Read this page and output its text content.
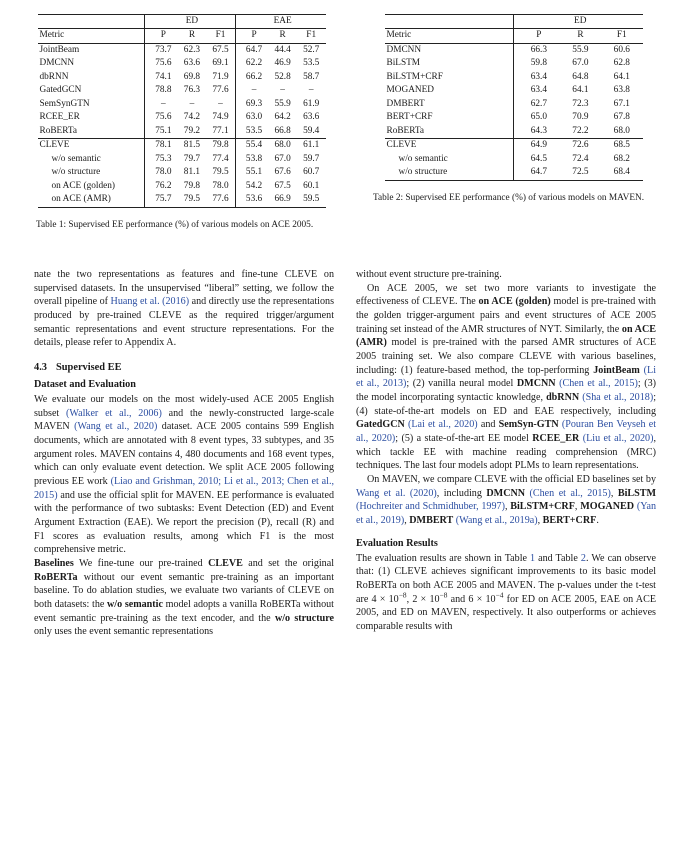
	ED			EAE		
Metric	P	R	F1	P	R	F1
JointBeam	73.7	62.3	67.5	64.7	44.4	52.7
DMCNN	75.6	63.6	69.1	62.2	46.9	53.5
dbRNN	74.1	69.8	71.9	66.2	52.8	58.7
GatedGCN	78.8	76.3	77.6	–	–	–
SemSynGTN	–	–	–	69.3	55.9	61.9
RCEE_ER	75.6	74.2	74.9	63.0	64.2	63.6
RoBERTa	75.1	79.2	77.1	53.5	66.8	59.4
CLEVE	78.1	81.5	79.8	55.4	68.0	61.1
w/o semantic	75.3	79.7	77.4	53.8	67.0	59.7
w/o structure	78.0	81.1	79.5	55.1	67.6	60.7
on ACE (golden)	76.2	79.8	78.0	54.2	67.5	60.1
on ACE (AMR)	75.7	79.5	77.6	53.6	66.9	59.5
Table 1: Supervised EE performance (%) of various models on ACE 2005.
	ED		
Metric	P	R	F1
DMCNN	66.3	55.9	60.6
BiLSTM	59.8	67.0	62.8
BiLSTM+CRF	63.4	64.8	64.1
MOGANED	63.4	64.1	63.8
DMBERT	62.7	72.3	67.1
BERT+CRF	65.0	70.9	67.8
RoBERTa	64.3	72.2	68.0
CLEVE	64.9	72.6	68.5
w/o semantic	64.5	72.4	68.2
w/o structure	64.7	72.5	68.4
Table 2: Supervised EE performance (%) of various models on MAVEN.

nate the two representations as features and fine-tune CLEVE on supervised datasets. In the unsupervised “liberal” setting, we follow the overall pipeline of Huang et al. (2016) and directly use the representations produced by pre-trained CLEVE as the required trigger/argument semantic representations and event structure representations. For the details, please refer to Appendix A.

4.3 Supervised EE
Dataset and Evaluation

We evaluate our models on the most widely-used ACE 2005 English subset (Walker et al., 2006) and the newly-constructed large-scale MAVEN (Wang et al., 2020) dataset. ACE 2005 contains 599 English documents, which are annotated with 8 event types, 33 subtypes, and 35 argument roles. MAVEN contains 4, 480 documents and 168 event types, which can only evaluate event detection. We split ACE 2005 following previous EE work (Liao and Grishman, 2010; Li et al., 2013; Chen et al., 2015) and use the official split for MAVEN. EE performance is evaluated with the performance of two subtasks: Event Detection (ED) and Event Argument Extraction (EAE). We report the precision (P), recall (R) and F1 scores as evaluation results, among which F1 is the most comprehensive metric.

Baselines We fine-tune our pre-trained CLEVE and set the original RoBERTa without our event semantic pre-training as an important baseline. To do ablation studies, we evaluate two variants of CLEVE on both datasets: the w/o semantic model adopts a vanilla RoBERTa without event semantic pre-training as the text encoder, and the w/o structure only uses the event semantic representations

without event structure pre-training.

On ACE 2005, we set two more variants to investigate the effectiveness of CLEVE. The on ACE (golden) model is pre-trained with the golden trigger-argument pairs and event structures of ACE 2005 training set instead of the AMR structures of NYT. Similarly, the on ACE (AMR) model is pre-trained with the parsed AMR structures of ACE 2005 training set. We also compare CLEVE with various baselines, including: (1) feature-based method, the top-performing JointBeam (Li et al., 2013); (2) vanilla neural model DMCNN (Chen et al., 2015); (3) the model incorporating syntactic knowledge, dbRNN (Sha et al., 2018); (4) state-of-the-art models on ED and EAE respectively, including GatedGCN (Lai et al., 2020) and SemSyn-GTN (Pouran Ben Veyseh et al., 2020); (5) a state-of-the-art EE model RCEE_ER (Liu et al., 2020), which tackle EE with machine reading comprehension (MRC) techniques. The last four models adopt PLMs to learn representations.

On MAVEN, we compare CLEVE with the official ED baselines set by Wang et al. (2020), including DMCNN (Chen et al., 2015), BiLSTM (Hochreiter and Schmidhuber, 1997), BiLSTM+CRF, MOGANED (Yan et al., 2019), DMBERT (Wang et al., 2019a), BERT+CRF.

Evaluation Results

The evaluation results are shown in Table 1 and Table 2. We can observe that: (1) CLEVE achieves significant improvements to its basic model RoBERTa on both ACE 2005 and MAVEN. The p-values under the t-test are $4 \times 10^{-8}$, $2 \times 10^{-8}$ and $6 \times 10^{-4}$ for ED on ACE 2005, EAE on ACE 2005, and ED on MAVEN, respectively. It also outperforms or achieves comparable results with
